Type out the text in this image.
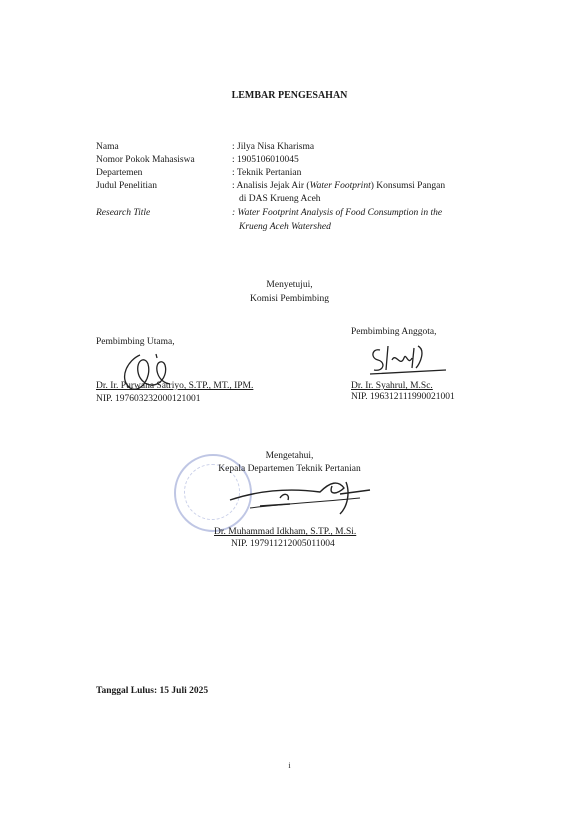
LEMBAR PENGESAHAN
Nama	: Jilya Nisa Kharisma
Nomor Pokok Mahasiswa	: 1905106010045
Departemen	: Teknik Pertanian
Judul Penelitian	: Analisis Jejak Air (Water Footprint) Konsumsi Pangan
di DAS Krueng Aceh
Research Title	: Water Footprint Analysis of Food Consumption in the
Krueng Aceh Watershed
Menyetujui,
Komisi Pembimbing
Pembimbing Utama,
Dr. Ir. Purwana Satriyo, S.TP., MT., IPM.
NIP. 197603232000121001
Pembimbing Anggota,
Dr. Ir. Syahrul, M.Sc.
NIP. 196312111990021001
Mengetahui,
Kepala Departemen Teknik Pertanian
Dr. Muhammad Idkham, S.TP., M.Si.
NIP. 197911212005011004
Tanggal Lulus: 15 Juli 2025
i
